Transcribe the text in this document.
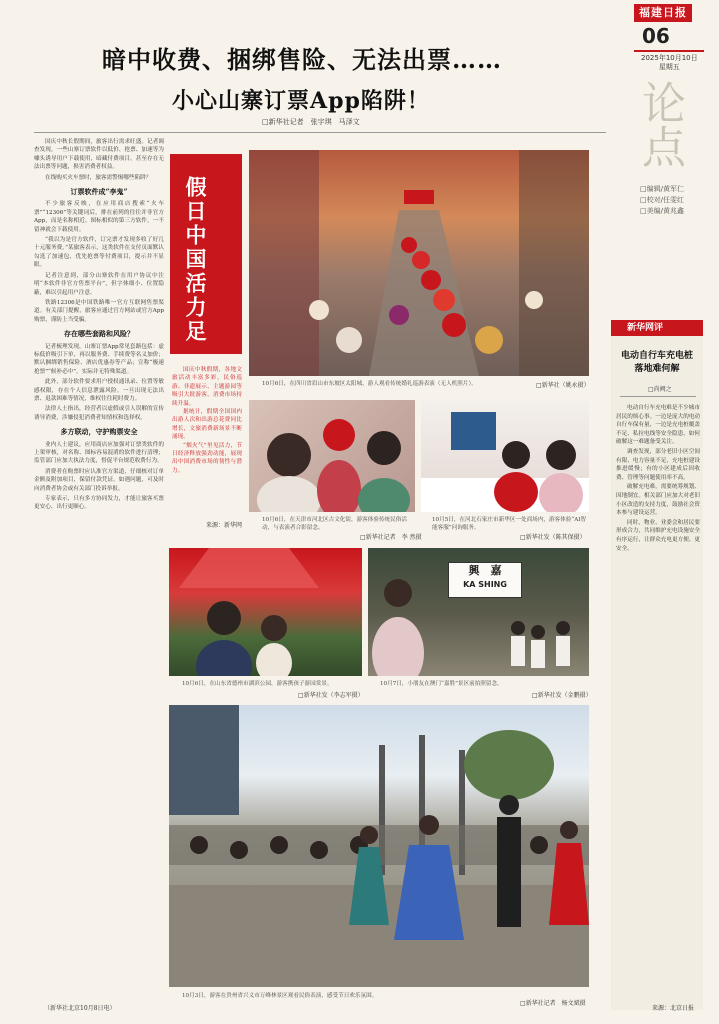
福建日报
06
2025年10月10日
星期五
论点
□编辑/黄军仁
□校对/任雯红
□美编/黄兆鑫
暗中收费、捆绑售险、无法出票……
小心山寨订票App陷阱！
□新华社记者　张宇琪　马泽文

国庆中秋长假期间，旅客出行需求旺盛。记者调查发现，一些山寨订票软件以低价、抢票、加速等为噱头诱导用户下载使用，暗藏付费项目，甚至存在无法出票等问题，损害消费者权益。

在线购买火车票时，旅客需警惕哪些陷阱？

订票软件成“李鬼”

不少旅客反映，在应用商店搜索“火车票”“12306”等关键词后，排在前列的往往并非官方App，而是名称相近、图标相似的第三方软件，一不留神就会下载使用。

“我以为是官方软件，订完票才发现多收了好几十元服务费。”某旅客表示，这类软件在支付页面默认勾选了加速包、优先抢票等付费项目，提示并不显眼。

记者注意到，部分山寨软件在用户协议中注明“本软件非官方售票平台”，但字体细小、位置隐蔽，难以引起用户注意。

铁路12306是中国铁路唯一官方互联网售票渠道。有关部门提醒，旅客应通过官方网站或官方App购票，谨防上当受骗。

存在哪些套路和风险？

记者梳理发现，山寨订票App常见套路包括：虚标低价吸引下单，再以服务费、手续费等名义加价；默认捆绑销售保险、酒店优惠券等产品；宣称“极速抢票”“候补必中”，实际并无特殊渠道。

此外，部分软件要求用户授权通讯录、位置等敏感权限，存在个人信息泄露风险。一旦出现无法出票、退款困难等情况，维权往往耗时费力。

法律人士指出，经营者以虚假或引人误解的宣传诱导消费，涉嫌侵犯消费者知情权和选择权。

多方联动，守护购票安全

业内人士建议，应用商店应加强对订票类软件的上架审核，对名称、图标容易混淆的软件进行清理；监管部门应加大执法力度，督促平台规范收费行为。

消费者在购票时应认准官方渠道，仔细核对订单金额及附加项目，保留付款凭证。如遇问题，可及时向消费者协会或有关部门投诉举报。

专家表示，只有多方协同发力，才能让旅客买票更安心、出行更顺心。

（新华社北京10月8日电）
假日中国活力足

国庆中秋假期，各地文旅活动丰富多彩，民俗巡游、非遗展示、主题游园等吸引大批游客，消费市场持续升温。

据统计，假期全国国内出游人次和出游总花费同比增长，文旅消费新场景不断涌现。

“烟火气”里见活力，节日经济释放强劲动能，展现出中国消费市场的韧性与潜力。

来源：新华网
10月6日，在四川省眉山市东坡区太阳城，游人观看传统婚礼巡游表演（无人机照片）。	□新华社（姚永摄）
10月6日，在天津市河北区古文化街，游客体验传统民俗活动，与表演者合影留念。
□新华社记者　李 然摄
10月5日，在河北石家庄市新华区一处商场内，游客体验“AI智能客服”问询服务。
□新华社发（陈其保摄）
10月6日，在山东省德州市湖滨公园，游客携孩子游园赏景。
□新华社发（李志军摄）
興　嘉
KA SHING
10月7日，小朋友在澳门“嘉胜”景区前拍照留念。
□新华社发（金鹏摄）
10月3日，游客在贵州省兴义市万峰林景区观看民俗表演，感受节日欢乐氛围。
□新华社记者　杨文斌摄
新华网评
电动自行车充电桩　落地难何解
□尚阙之

电动自行车充电难是不少城市居民的烦心事。一边是庞大的电动自行车保有量，一边是充电桩覆盖不足、私拉电线等安全隐患，如何破解这一难题备受关注。

调查发现，部分老旧小区空间有限、电力容量不足，充电桩建设推进缓慢；有的小区建成后因收费、管理等问题使用率不高。

破解充电难，需要统筹规划、因地制宜。相关部门应加大对老旧小区改造的支持力度，鼓励社会资本参与建设运营。

同时，物业、业委会和居民要形成合力，共同维护充电设施安全有序运行，让群众充电更方便、更安全。

来源：北京日报
